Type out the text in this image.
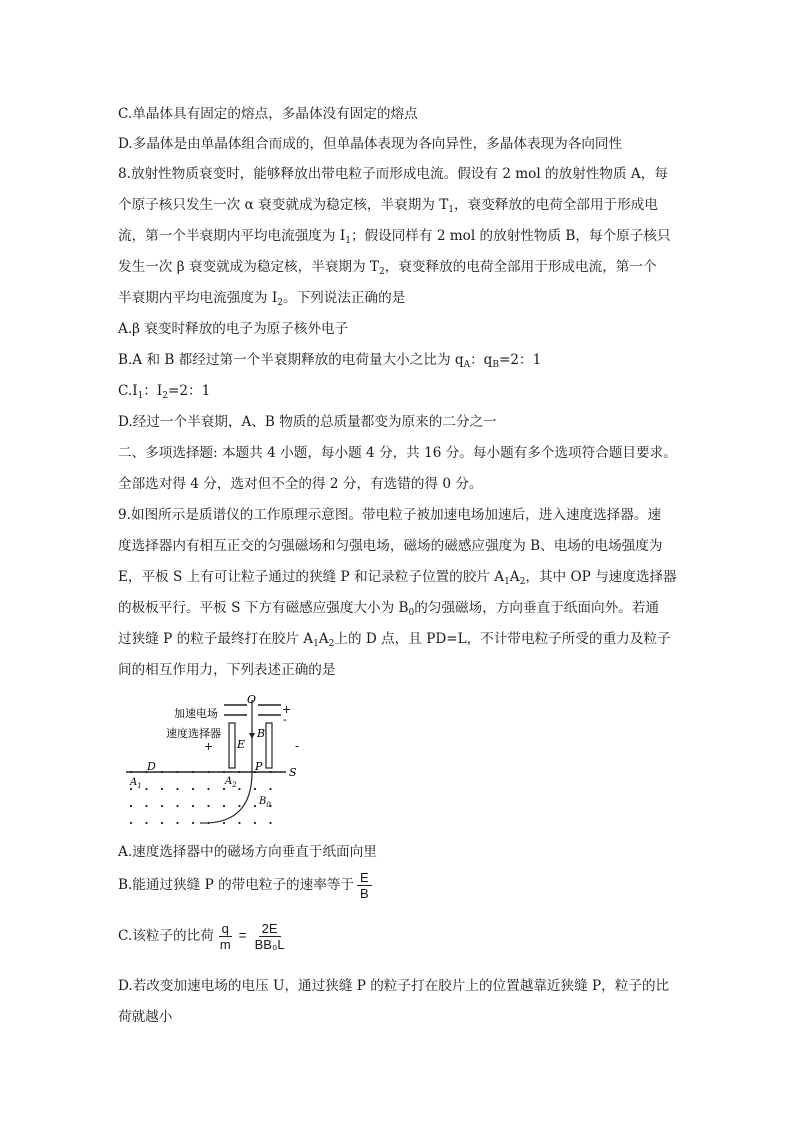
C.单晶体具有固定的熔点，多晶体没有固定的熔点
D.多晶体是由单晶体组合而成的，但单晶体表现为各向异性，多晶体表现为各向同性
8.放射性物质衰变时，能够释放出带电粒子而形成电流。假设有 2 mol 的放射性物质 A，每
个原子核只发生一次 α 衰变就成为稳定核，半衰期为 $T_1$，衰变释放的电荷全部用于形成电
流，第一个半衰期内平均电流强度为 $I_1$；假设同样有 2 mol 的放射性物质 B，每个原子核只
发生一次 β 衰变就成为稳定核，半衰期为 $T_2$，衰变释放的电荷全部用于形成电流，第一个
半衰期内平均电流强度为 $I_2$。下列说法正确的是
A.β 衰变时释放的电子为原子核外电子
B.A 和 B 都经过第一个半衰期释放的电荷量大小之比为 $q_A$：$q_B=2$：1
$C.I_1$：$I_2=2$：1
D.经过一个半衰期，A、B 物质的总质量都变为原来的二分之一
二、多项选择题: 本题共 4 小题，每小题 4 分，共 16 分。每小题有多个选项符合题目要求。
全部选对得 4 分，选对但不全的得 2 分，有选错的得 0 分。
9.如图所示是质谱仪的工作原理示意图。带电粒子被加速电场加速后，进入速度选择器。速
度选择器内有相互正交的匀强磁场和匀强电场，磁场的磁感应强度为 B、电场的电场强度为
E，平板 S 上有可让粒子通过的狭缝 P 和记录粒子位置的胶片 $A_1A_2$，其中 OP 与速度选择器
的极板平行。平板 S 下方有磁感应强度大小为 $B_0$的匀强磁场，方向垂直于纸面向外。若通
过狭缝 P 的粒子最终打在胶片 $A_1A_2$上的 D 点，且 PD=L，不计带电粒子所受的重力及粒子
间的相互作用力，下列表述正确的是
加速电场
速度选择器
O
+
-
+ E
B
-
P S
D
$A_1$	$A_2$
$B_0$
A.速度选择器中的磁场方向垂直于纸面向里
B.能通过狭缝 P 的带电粒子的速率等于 $\frac{E}{B}$
C.该粒子的比荷 $\frac{q}{m} = \frac{2E}{\text{BB₀L}}$
D.若改变加速电场的电压 U，通过狭缝 P 的粒子打在胶片上的位置越靠近狭缝 P，粒子的比
荷就越小
